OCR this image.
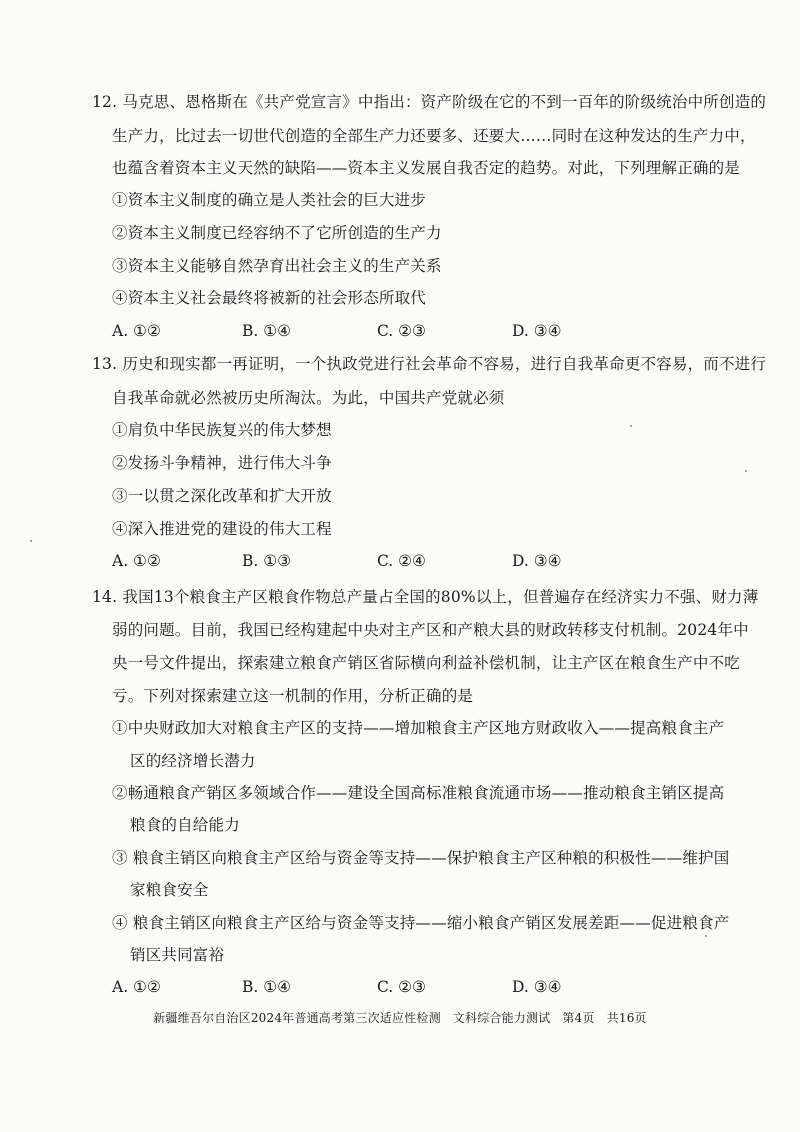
12. 马克思、恩格斯在《共产党宣言》中指出：资产阶级在它的不到一百年的阶级统治中所创造的
生产力，比过去一切世代创造的全部生产力还要多、还要大……同时在这种发达的生产力中，
也蕴含着资本主义天然的缺陷——资本主义发展自我否定的趋势。对此，下列理解正确的是
①资本主义制度的确立是人类社会的巨大进步
②资本主义制度已经容纳不了它所创造的生产力
③资本主义能够自然孕育出社会主义的生产关系
④资本主义社会最终将被新的社会形态所取代
A. ①②	B. ①④	C. ②③	D. ③④
13. 历史和现实都一再证明，一个执政党进行社会革命不容易，进行自我革命更不容易，而不进行
自我革命就必然被历史所淘汰。为此，中国共产党就必须
①肩负中华民族复兴的伟大梦想
②发扬斗争精神，进行伟大斗争
③一以贯之深化改革和扩大开放
④深入推进党的建设的伟大工程
A. ①②	B. ①③	C. ②④	D. ③④
14. 我国13个粮食主产区粮食作物总产量占全国的80%以上，但普遍存在经济实力不强、财力薄
弱的问题。目前，我国已经构建起中央对主产区和产粮大县的财政转移支付机制。2024年中
央一号文件提出，探索建立粮食产销区省际横向利益补偿机制，让主产区在粮食生产中不吃
亏。下列对探索建立这一机制的作用，分析正确的是
①中央财政加大对粮食主产区的支持——增加粮食主产区地方财政收入——提高粮食主产
区的经济增长潜力
②畅通粮食产销区多领域合作——建设全国高标准粮食流通市场——推动粮食主销区提高
粮食的自给能力
③ 粮食主销区向粮食主产区给与资金等支持——保护粮食主产区种粮的积极性——维护国
家粮食安全
④ 粮食主销区向粮食主产区给与资金等支持——缩小粮食产销区发展差距——促进粮食产
销区共同富裕
A. ①②	B. ①④	C. ②③	D. ③④
新疆维吾尔自治区2024年普通高考第三次适应性检测 文科综合能力测试 第4页 共16页
